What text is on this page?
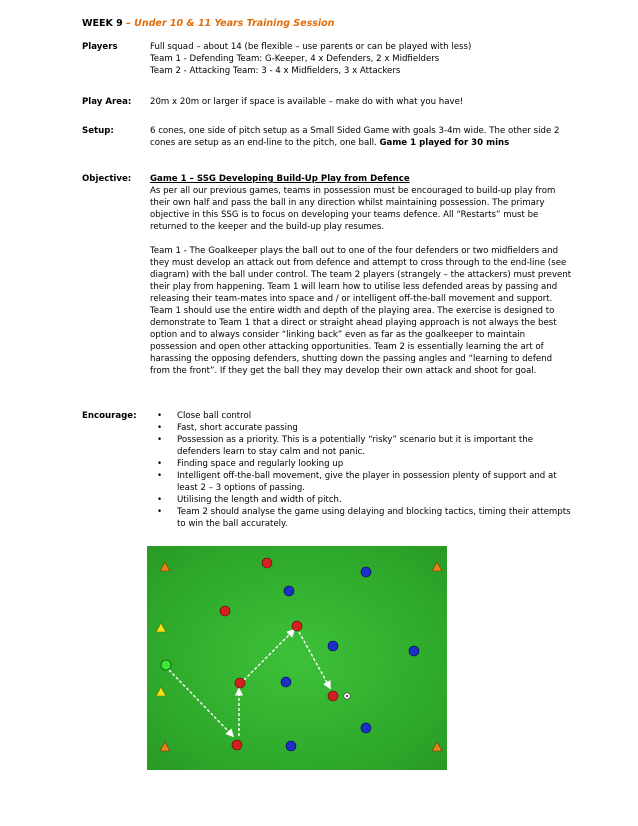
WEEK 9 – Under 10 & 11 Years Training Session
Players	Full squad – about 14 (be flexible – use parents or can be played with less)

Team 1 - Defending Team: G-Keeper, 4 x Defenders, 2 x Midfielders

Team 2 - Attacking Team: 3 - 4 x Midfielders, 3 x Attackers

Play Area:	20m x 20m or larger if space is available – make do with what you have!

Setup:	6 cones, one side of pitch setup as a Small Sided Game with goals 3-4m wide. The other side 2 cones are setup as an end-line to the pitch, one ball. Game 1 played for 30 mins

Objective:	Game 1 – SSG Developing Build-Up Play from Defence

As per all our previous games, teams in possession must be encouraged to build-up play from their own half and pass the ball in any direction whilst maintaining possession. The primary objective in this SSG is to focus on developing your teams defence. All “Restarts” must be returned to the keeper and the build-up play resumes.

Team 1 - The Goalkeeper plays the ball out to one of the four defenders or two midfielders and they must develop an attack out from defence and attempt to cross through to the end-line (see diagram) with the ball under control. The team 2 players (strangely – the attackers) must prevent their play from happening. Team 1 will learn how to utilise less defended areas by passing and releasing their team-mates into space and / or intelligent off-the-ball movement and support. Team 1 should use the entire width and depth of the playing area. The exercise is designed to demonstrate to Team 1 that a direct or straight ahead playing approach is not always the best option and to always consider “linking back” even as far as the goalkeeper to maintain possession and open other attacking opportunities. Team 2 is essentially learning the art of harassing the opposing defenders, shutting down the passing angles and “learning to defend from the front”. If they get the ball they may develop their own attack and shoot for goal.

Encourage:
•	Close ball control
• Fast, short accurate passing
• Possession as a priority. This is a potentially “risky” scenario but it is important the defenders learn to stay calm and not panic.
• Finding space and regularly looking up
• Intelligent off-the-ball movement, give the player in possession plenty of support and at least 2 – 3 options of passing.
• Utilising the length and width of pitch.
• Team 2 should analyse the game using delaying and blocking tactics, timing their attempts to win the ball accurately.
